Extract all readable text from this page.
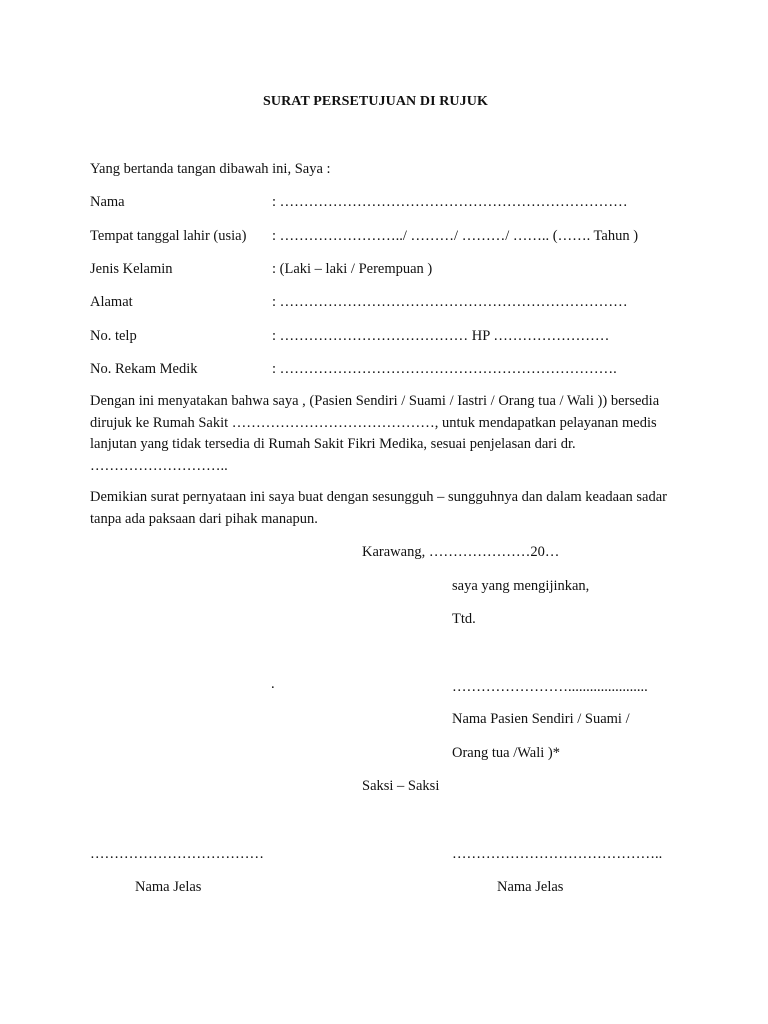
SURAT PERSETUJUAN DI RUJUK
Yang bertanda tangan dibawah ini, Saya :
Nama	: ………………………………………………………………
Tempat tanggal lahir (usia) : ……………………../ ………/ ………/ …….. (……. Tahun )
Jenis Kelamin	: (Laki – laki / Perempuan )
Alamat	: ………………………………………………………………
No. telp	: ………………………………… HP ……………………
No. Rekam Medik	: …………………………………………………………….
Dengan ini menyatakan bahwa saya , (Pasien Sendiri / Suami / Iastri / Orang tua / Wali )) bersedia dirujuk ke Rumah Sakit ……………………………………, untuk mendapatkan pelayanan medis lanjutan yang tidak tersedia di Rumah Sakit Fikri Medika, sesuai penjelasan dari dr. ………………………..
Demikian surat pernyataan ini saya buat dengan sesungguh – sungguhnya dan dalam keadaan sadar tanpa ada paksaan dari pihak manapun.
Karawang, …………………20…
saya yang mengijinkan,
Ttd.
.	……………………......................
Nama Pasien Sendiri / Suami /
Orang tua /Wali )*
Saksi – Saksi
………………………………	……………………………………..
Nama Jelas	Nama Jelas
